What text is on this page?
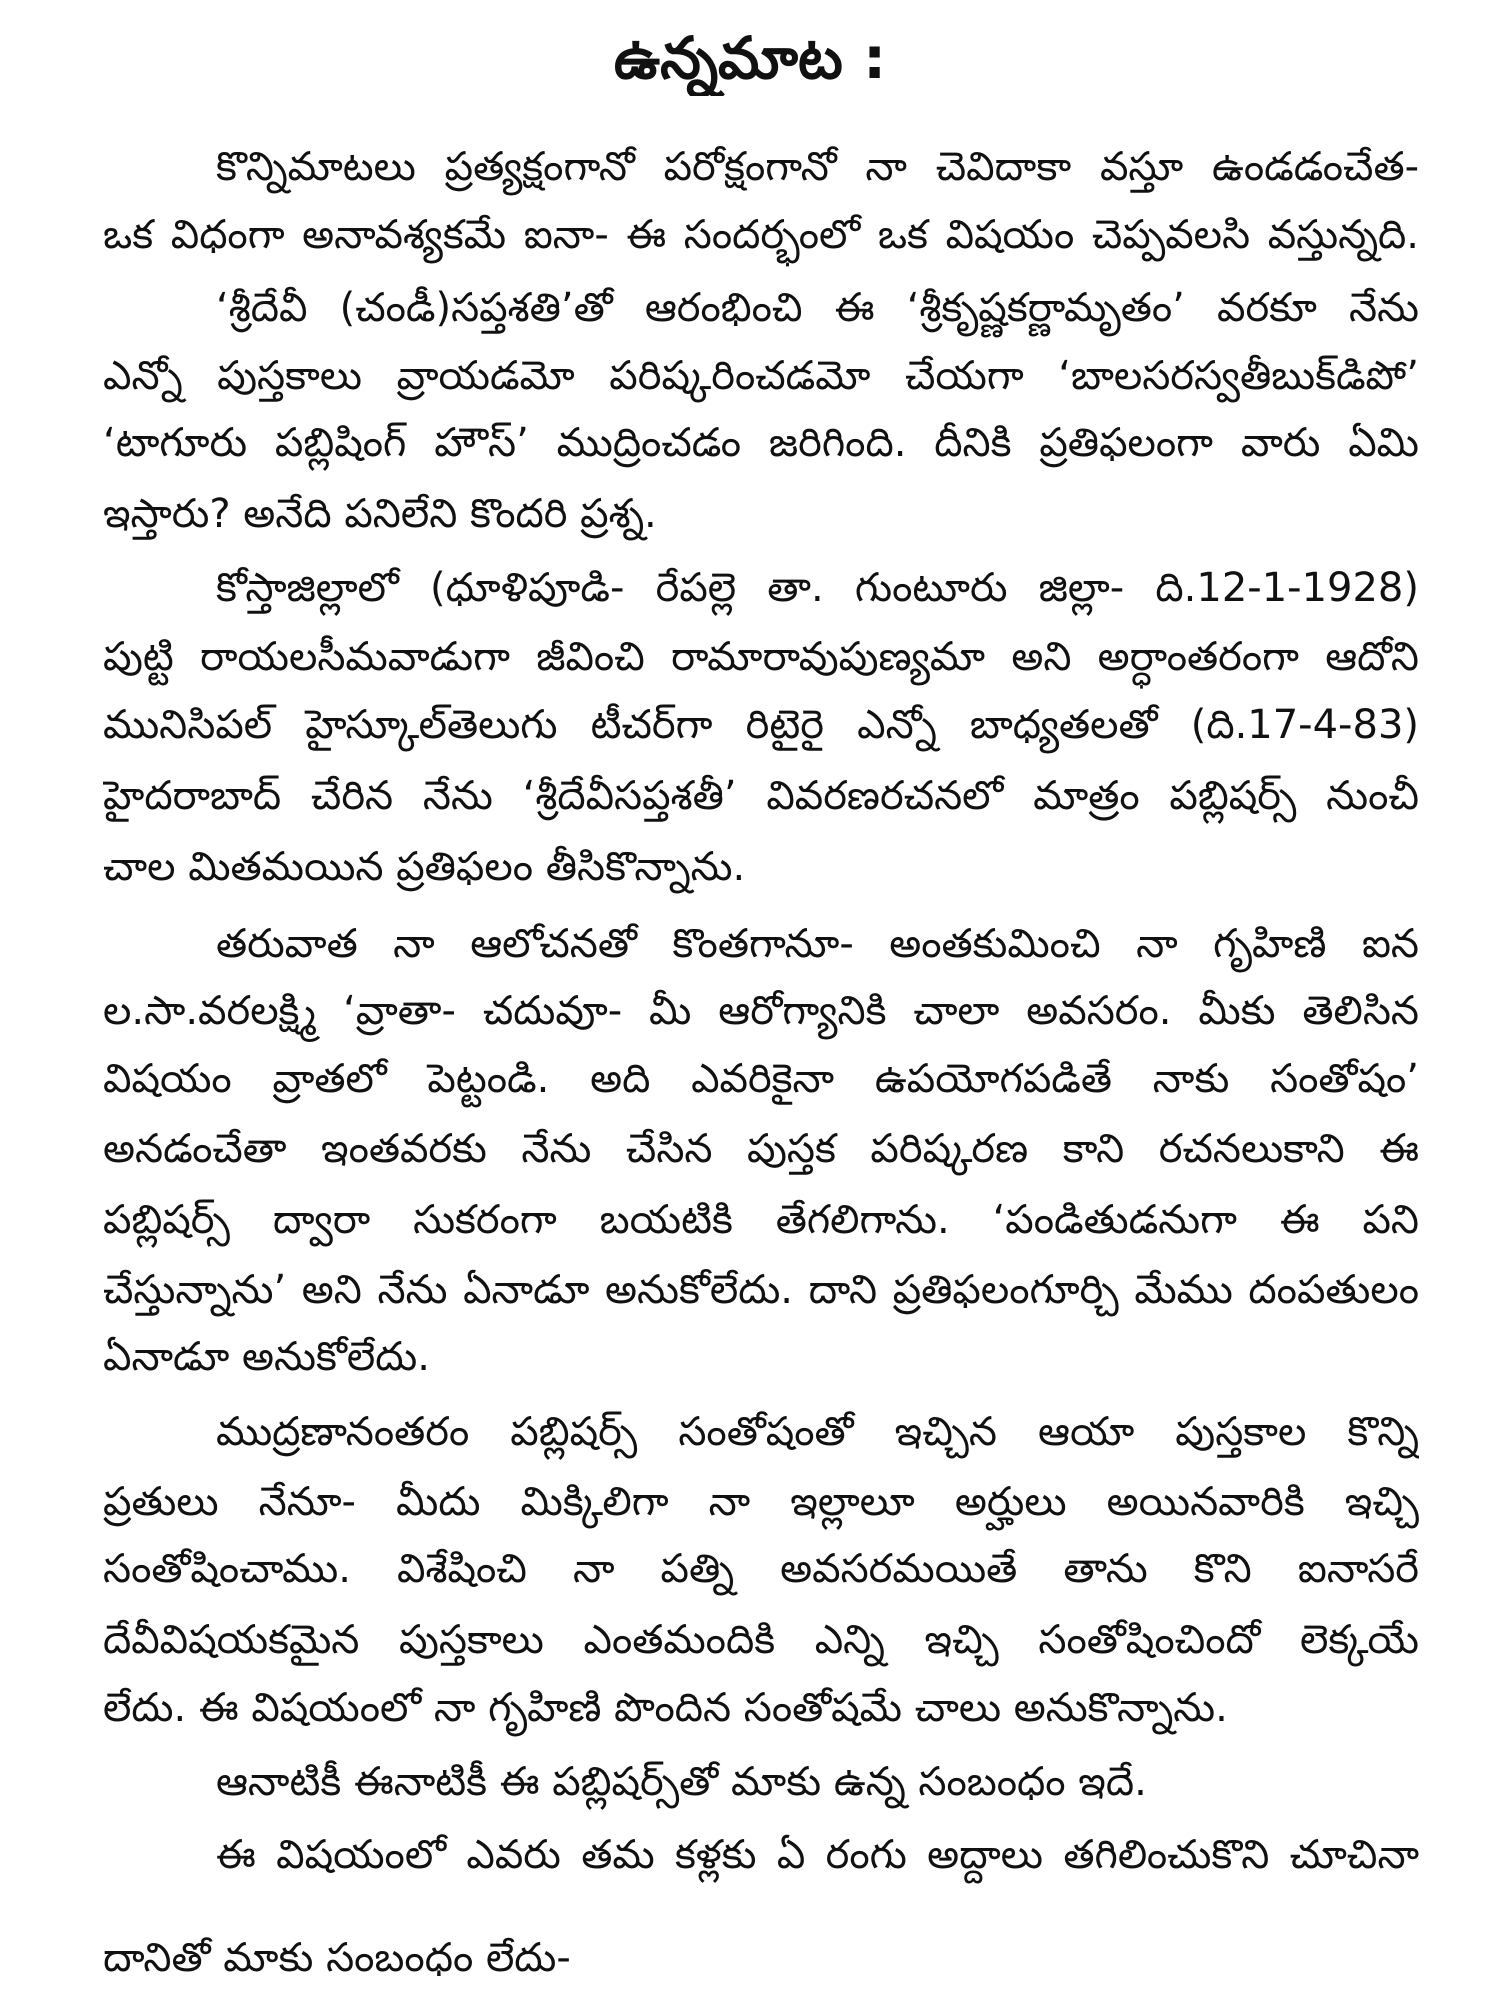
ఉన్నమాట :
కొన్నిమాటలు ప్రత్యక్షంగానో పరోక్షంగానో నా చెవిదాకా వస్తూ ఉండడంచేత-
ఒక విధంగా అనావశ్యకమే ఐనా- ఈ సందర్భంలో ఒక విషయం చెప్పవలసి వస్తున్నది.
‘శ్రీదేవీ (చండీ)సప్తశతి’తో ఆరంభించి ఈ ‘శ్రీకృష్ణకర్ణామృతం’ వరకూ నేను
ఎన్నో పుస్తకాలు వ్రాయడమో పరిష్కరించడమో చేయగా ‘బాలసరస్వతీబుక్‌డిపో’
‘టాగూరు పబ్లిషింగ్ హౌస్’ ముద్రించడం జరిగింది. దీనికి ప్రతిఫలంగా వారు ఏమి
ఇస్తారు? అనేది పనిలేని కొందరి ప్రశ్న.
కోస్తాజిల్లాలో (ధూళిపూడి- రేపల్లె తా. గుంటూరు జిల్లా- ది.12-1-1928)
పుట్టి రాయలసీమవాడుగా జీవించి రామారావుపుణ్యమా అని అర్ధాంతరంగా ఆదోని
మునిసిపల్ హైస్కూల్‌తెలుగు టీచర్‌గా రిటైరై ఎన్నో బాధ్యతలతో (ది.17-4-83)
హైదరాబాద్ చేరిన నేను ‘శ్రీదేవీసప్తశతీ’ వివరణరచనలో మాత్రం పబ్లిషర్స్ నుంచీ
చాల మితమయిన ప్రతిఫలం తీసికొన్నాను.
తరువాత నా ఆలోచనతో కొంతగానూ- అంతకుమించి నా గృహిణి ఐన
ల.సా.వరలక్ష్మి ‘వ్రాతా- చదువూ- మీ ఆరోగ్యానికి చాలా అవసరం. మీకు తెలిసిన
విషయం వ్రాతలో పెట్టండి. అది ఎవరికైనా ఉపయోగపడితే నాకు సంతోషం’
అనడంచేతా ఇంతవరకు నేను చేసిన పుస్తక పరిష్కరణ కాని రచనలుకాని ఈ
పబ్లిషర్స్ ద్వారా సుకరంగా బయటికి తేగలిగాను. ‘పండితుడనుగా ఈ పని
చేస్తున్నాను’ అని నేను ఏనాడూ అనుకోలేదు. దాని ప్రతిఫలంగూర్చి మేము దంపతులం
ఏనాడూ అనుకోలేదు.
ముద్రణానంతరం పబ్లిషర్స్ సంతోషంతో ఇచ్చిన ఆయా పుస్తకాల కొన్ని
ప్రతులు నేనూ- మీదు మిక్కిలిగా నా ఇల్లాలూ అర్హులు అయినవారికి ఇచ్చి
సంతోషించాము. విశేషించి నా పత్ని అవసరమయితే తాను కొని ఐనాసరే
దేవీవిషయకమైన పుస్తకాలు ఎంతమందికి ఎన్ని ఇచ్చి సంతోషించిందో లెక్కయే
లేదు. ఈ విషయంలో నా గృహిణి పొందిన సంతోషమే చాలు అనుకొన్నాను.
ఆనాటికీ ఈనాటికీ ఈ పబ్లిషర్స్‌తో మాకు ఉన్న సంబంధం ఇదే.
ఈ విషయంలో ఎవరు తమ కళ్లకు ఏ రంగు అద్దాలు తగిలించుకొని చూచినా
దానితో మాకు సంబంధం లేదు-
